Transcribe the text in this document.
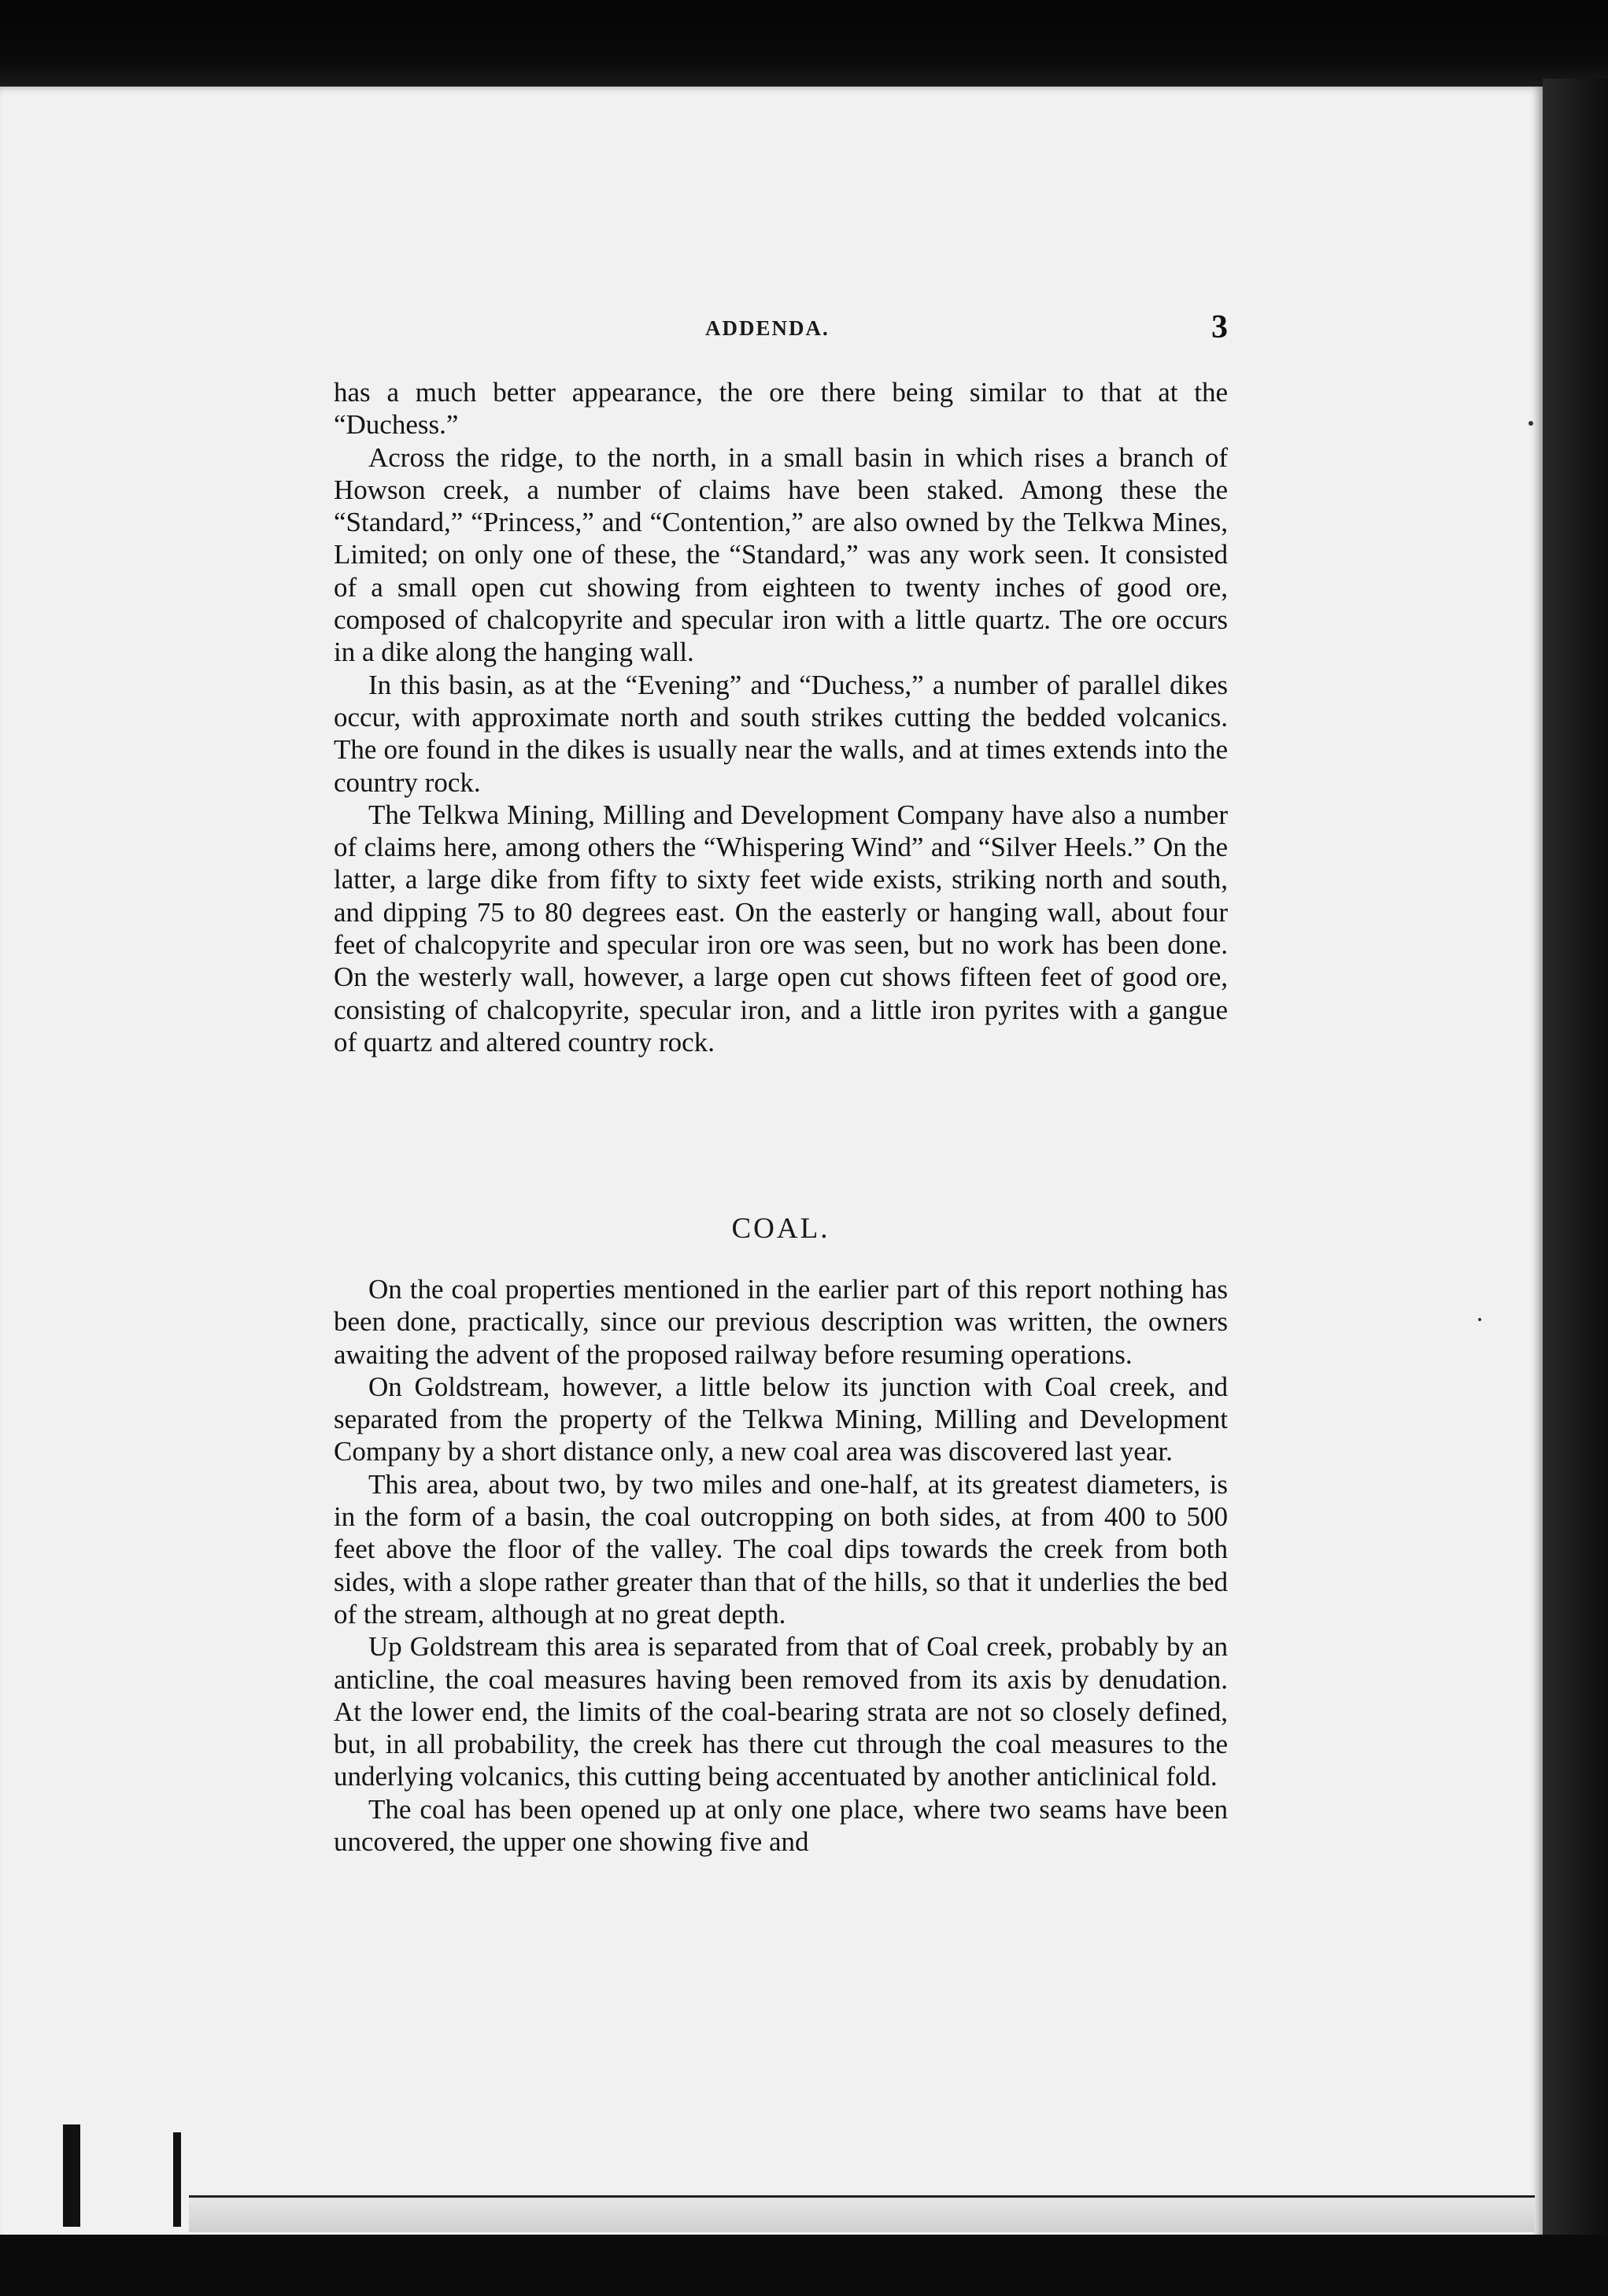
ADDENDA.	3

has a much better appearance, the ore there being similar to that at the “Duchess.”

Across the ridge, to the north, in a small basin in which rises a branch of Howson creek, a number of claims have been staked. Among these the “Standard,” “Princess,” and “Contention,” are also owned by the Telkwa Mines, Limited; on only one of these, the “Standard,” was any work seen. It consisted of a small open cut showing from eighteen to twenty inches of good ore, composed of chalcopyrite and specular iron with a little quartz. The ore occurs in a dike along the hanging wall.

In this basin, as at the “Evening” and “Duchess,” a number of parallel dikes occur, with approximate north and south strikes cutting the bedded volcanics. The ore found in the dikes is usually near the walls, and at times extends into the country rock.

The Telkwa Mining, Milling and Development Company have also a number of claims here, among others the “Whispering Wind” and “Silver Heels.” On the latter, a large dike from fifty to sixty feet wide exists, striking north and south, and dipping 75 to 80 degrees east. On the easterly or hanging wall, about four feet of chalcopyrite and specular iron ore was seen, but no work has been done. On the westerly wall, however, a large open cut shows fifteen feet of good ore, consisting of chalcopyrite, specular iron, and a little iron pyrites with a gangue of quartz and altered country rock.

COAL.

On the coal properties mentioned in the earlier part of this report nothing has been done, practically, since our previous description was written, the owners awaiting the advent of the proposed railway before resuming operations.

On Goldstream, however, a little below its junction with Coal creek, and separated from the property of the Telkwa Mining, Milling and Development Company by a short distance only, a new coal area was discovered last year.

This area, about two, by two miles and one-half, at its greatest diameters, is in the form of a basin, the coal outcropping on both sides, at from 400 to 500 feet above the floor of the valley. The coal dips towards the creek from both sides, with a slope rather greater than that of the hills, so that it underlies the bed of the stream, although at no great depth.

Up Goldstream this area is separated from that of Coal creek, probably by an anticline, the coal measures having been removed from its axis by denudation. At the lower end, the limits of the coal-bearing strata are not so closely defined, but, in all probability, the creek has there cut through the coal measures to the underlying volcanics, this cutting being accentuated by another anticlinical fold.

The coal has been opened up at only one place, where two seams have been uncovered, the upper one showing five and
